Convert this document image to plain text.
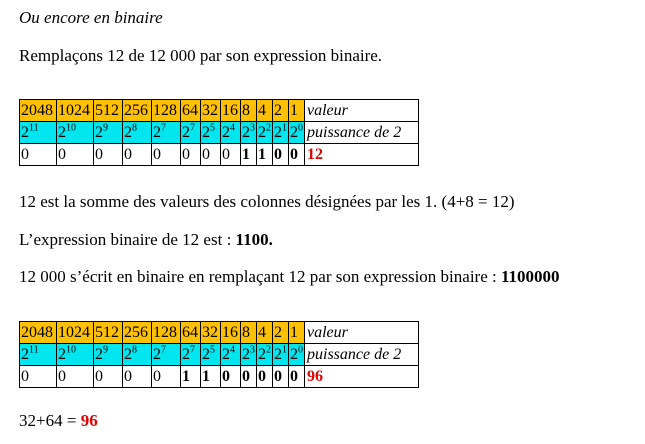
Ou encore en binaire
Remplaçons 12 de 12 000 par son expression binaire.
2048	1024	512	256	128	64	32	16	8	4	2	1	valeur
$2^{11}$	$2^{10}$	$2^9$	$2^8$	$2^7$	$2^7$	$2^5$	$2^4$	$2^3$	$2^2$	$2^1$	$2^0$	puissance de 2
0	0	0	0	0	0	0	0	1	1	0	0	12
12 est la somme des valeurs des colonnes désignées par les 1. (4+8 = 12)
L’expression binaire de 12 est : 1100.
12 000 s’écrit en binaire en remplaçant 12 par son expression binaire : 1100000
2048	1024	512	256	128	64	32	16	8	4	2	1	valeur
$2^{11}$	$2^{10}$	$2^9$	$2^8$	$2^7$	$2^7$	$2^5$	$2^4$	$2^3$	$2^2$	$2^1$	$2^0$	puissance de 2
0	0	0	0	0	1	1	0	0	0	0	0	96
32+64 = 96
